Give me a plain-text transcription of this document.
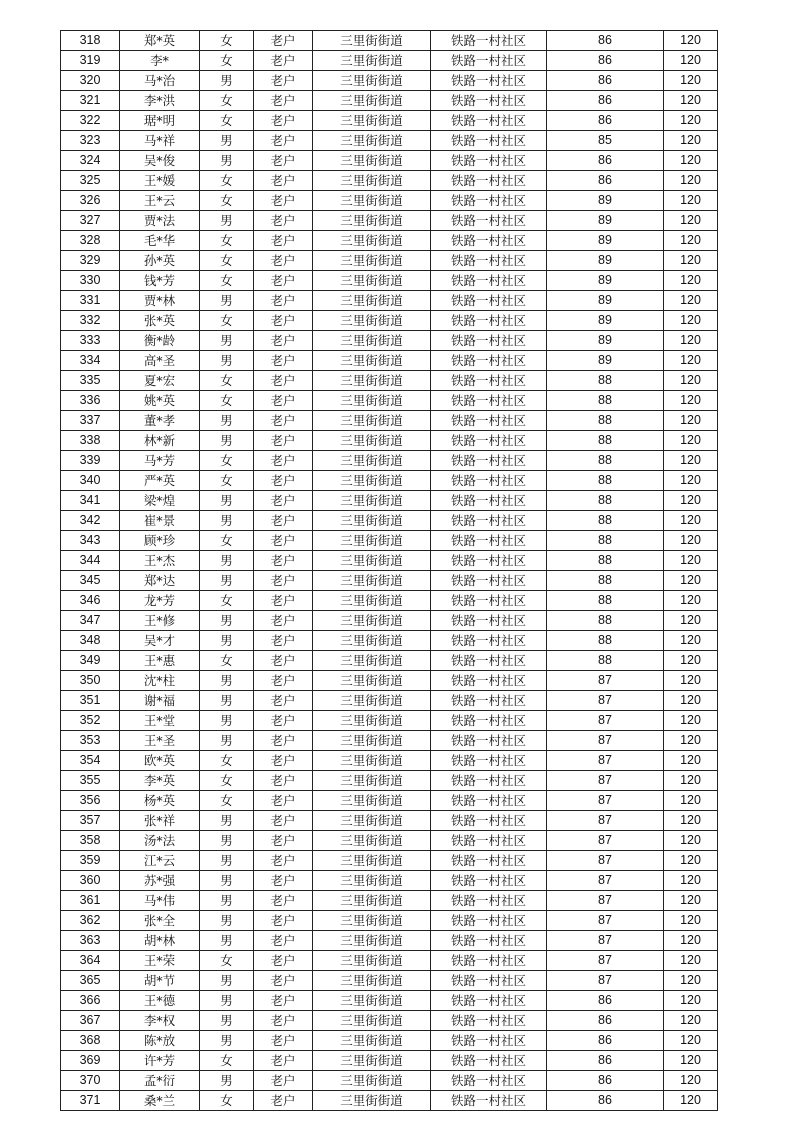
318	郑*英	女	老户	三里街街道	铁路一村社区	86	120
319	李*	女	老户	三里街街道	铁路一村社区	86	120
320	马*治	男	老户	三里街街道	铁路一村社区	86	120
321	李*洪	女	老户	三里街街道	铁路一村社区	86	120
322	琚*明	女	老户	三里街街道	铁路一村社区	86	120
323	马*祥	男	老户	三里街街道	铁路一村社区	85	120
324	吴*俊	男	老户	三里街街道	铁路一村社区	86	120
325	王*媛	女	老户	三里街街道	铁路一村社区	86	120
326	王*云	女	老户	三里街街道	铁路一村社区	89	120
327	贾*法	男	老户	三里街街道	铁路一村社区	89	120
328	毛*华	女	老户	三里街街道	铁路一村社区	89	120
329	孙*英	女	老户	三里街街道	铁路一村社区	89	120
330	钱*芳	女	老户	三里街街道	铁路一村社区	89	120
331	贾*林	男	老户	三里街街道	铁路一村社区	89	120
332	张*英	女	老户	三里街街道	铁路一村社区	89	120
333	衡*龄	男	老户	三里街街道	铁路一村社区	89	120
334	高*圣	男	老户	三里街街道	铁路一村社区	89	120
335	夏*宏	女	老户	三里街街道	铁路一村社区	88	120
336	姚*英	女	老户	三里街街道	铁路一村社区	88	120
337	董*孝	男	老户	三里街街道	铁路一村社区	88	120
338	林*新	男	老户	三里街街道	铁路一村社区	88	120
339	马*芳	女	老户	三里街街道	铁路一村社区	88	120
340	严*英	女	老户	三里街街道	铁路一村社区	88	120
341	梁*煌	男	老户	三里街街道	铁路一村社区	88	120
342	崔*景	男	老户	三里街街道	铁路一村社区	88	120
343	顾*珍	女	老户	三里街街道	铁路一村社区	88	120
344	王*杰	男	老户	三里街街道	铁路一村社区	88	120
345	郑*达	男	老户	三里街街道	铁路一村社区	88	120
346	龙*芳	女	老户	三里街街道	铁路一村社区	88	120
347	王*修	男	老户	三里街街道	铁路一村社区	88	120
348	吴*才	男	老户	三里街街道	铁路一村社区	88	120
349	王*惠	女	老户	三里街街道	铁路一村社区	88	120
350	沈*柱	男	老户	三里街街道	铁路一村社区	87	120
351	谢*福	男	老户	三里街街道	铁路一村社区	87	120
352	王*堂	男	老户	三里街街道	铁路一村社区	87	120
353	王*圣	男	老户	三里街街道	铁路一村社区	87	120
354	欧*英	女	老户	三里街街道	铁路一村社区	87	120
355	李*英	女	老户	三里街街道	铁路一村社区	87	120
356	杨*英	女	老户	三里街街道	铁路一村社区	87	120
357	张*祥	男	老户	三里街街道	铁路一村社区	87	120
358	汤*法	男	老户	三里街街道	铁路一村社区	87	120
359	江*云	男	老户	三里街街道	铁路一村社区	87	120
360	苏*强	男	老户	三里街街道	铁路一村社区	87	120
361	马*伟	男	老户	三里街街道	铁路一村社区	87	120
362	张*全	男	老户	三里街街道	铁路一村社区	87	120
363	胡*林	男	老户	三里街街道	铁路一村社区	87	120
364	王*荣	女	老户	三里街街道	铁路一村社区	87	120
365	胡*节	男	老户	三里街街道	铁路一村社区	87	120
366	王*德	男	老户	三里街街道	铁路一村社区	86	120
367	李*权	男	老户	三里街街道	铁路一村社区	86	120
368	陈*放	男	老户	三里街街道	铁路一村社区	86	120
369	许*芳	女	老户	三里街街道	铁路一村社区	86	120
370	孟*衍	男	老户	三里街街道	铁路一村社区	86	120
371	桑*兰	女	老户	三里街街道	铁路一村社区	86	120
